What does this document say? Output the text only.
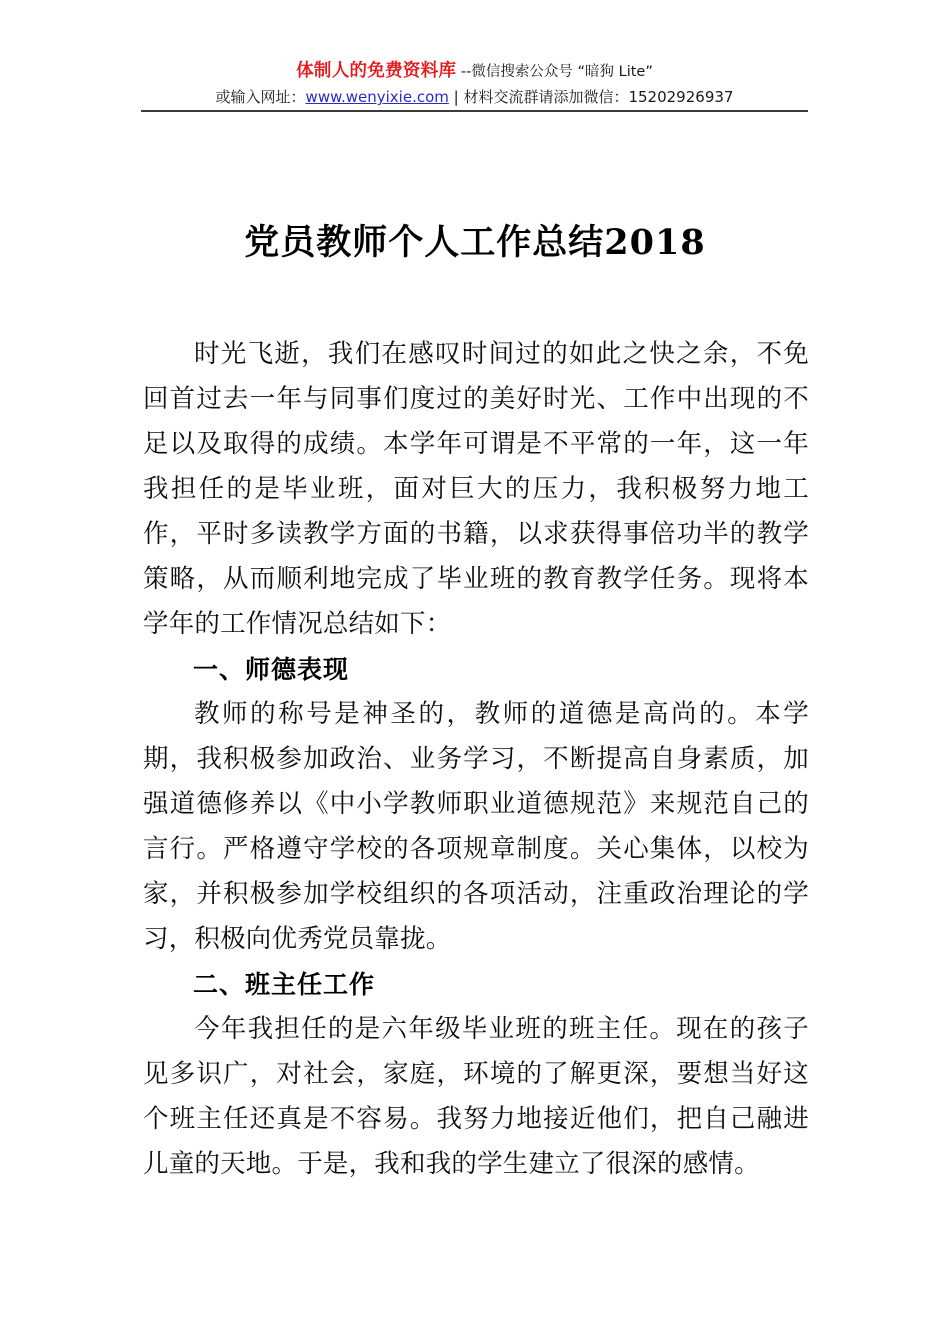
体制人的免费资料库 --微信搜索公众号 “暗狗 Lite”
或输入网址：www.wenyixie.com | 材料交流群请添加微信：15202926937
党员教师个人工作总结2018

时光飞逝，我们在感叹时间过的如此之快之余，不免回首过去一年与同事们度过的美好时光、工作中出现的不足以及取得的成绩。本学年可谓是不平常的一年，这一年我担任的是毕业班，面对巨大的压力，我积极努力地工作，平时多读教学方面的书籍，以求获得事倍功半的教学策略，从而顺利地完成了毕业班的教育教学任务。现将本学年的工作情况总结如下：

一、师德表现

教师的称号是神圣的，教师的道德是高尚的。本学期，我积极参加政治、业务学习，不断提高自身素质，加强道德修养以《中小学教师职业道德规范》来规范自己的言行。严格遵守学校的各项规章制度。关心集体，以校为家，并积极参加学校组织的各项活动，注重政治理论的学习，积极向优秀党员靠拢。

二、班主任工作

今年我担任的是六年级毕业班的班主任。现在的孩子见多识广，对社会，家庭，环境的了解更深，要想当好这个班主任还真是不容易。我努力地接近他们，把自己融进儿童的天地。于是，我和我的学生建立了很深的感情。
